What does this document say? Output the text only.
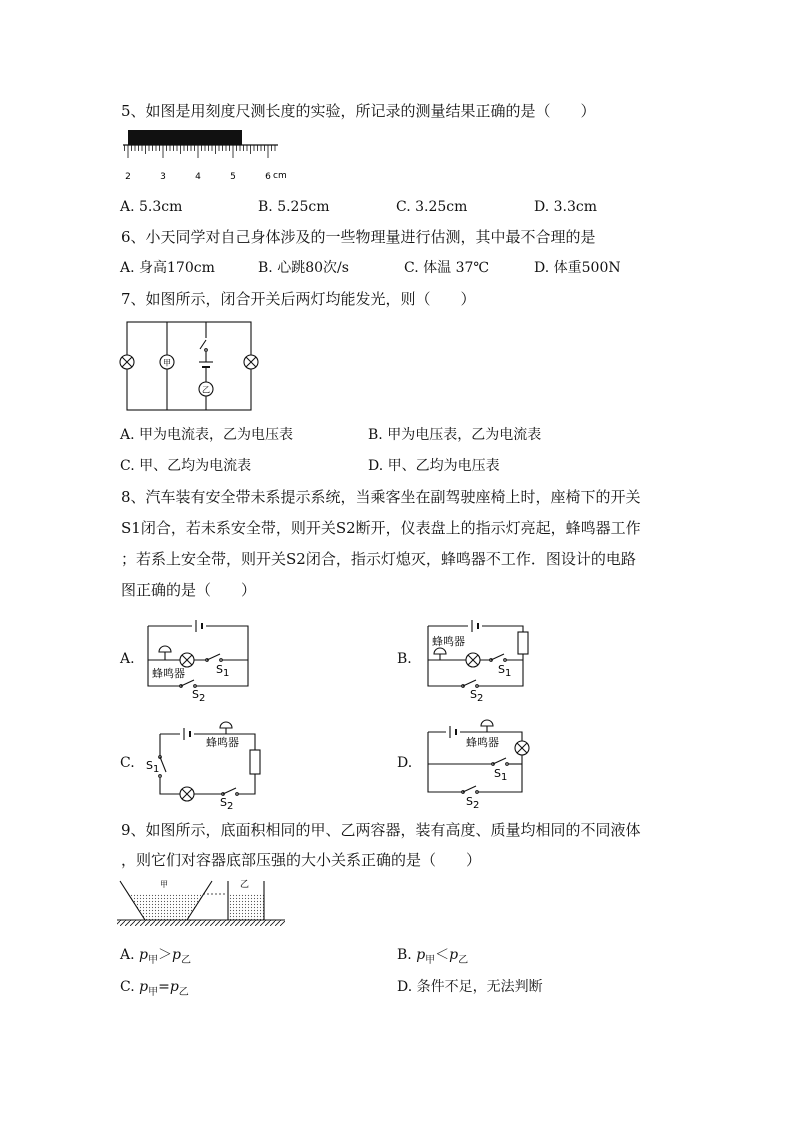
5、如图是用刻度尺测长度的实验，所记录的测量结果正确的是（　　）
2	3	4	5	6 cm
A. 5.3cm	B. 5.25cm	C. 3.25cm	D. 3.3cm
6、小天同学对自己身体涉及的一些物理量进行估测，其中最不合理的是
A. 身高170cm	B. 心跳80次/s	C. 体温 37℃	D. 体重500N
7、如图所示，闭合开关后两灯均能发光，则（　　）
甲
乙
A. 甲为电流表，乙为电压表	B. 甲为电压表，乙为电流表
C. 甲、乙均为电流表	D. 甲、乙均为电压表
8、汽车装有安全带未系提示系统，当乘客坐在副驾驶座椅上时，座椅下的开关
S1闭合，若未系安全带，则开关S2断开，仪表盘上的指示灯亮起，蜂鸣器工作
；若系上安全带，则开关S2闭合，指示灯熄灭，蜂鸣器不工作．图设计的电路
图正确的是（　　）
A.	B.
C.	D.
蜂鸣器	S1
S2
蜂鸣器
S1
S2
蜂鸣器
S1
S2
蜂鸣器
S1
S2
9、如图所示，底面积相同的甲、乙两容器，装有高度、质量均相同的不同液体
，则它们对容器底部压强的大小关系正确的是（　　）
甲	乙
A. $p_甲>p_乙$	B. $p_甲<p_乙$
C. $p_甲=p_乙$	D. 条件不足，无法判断
